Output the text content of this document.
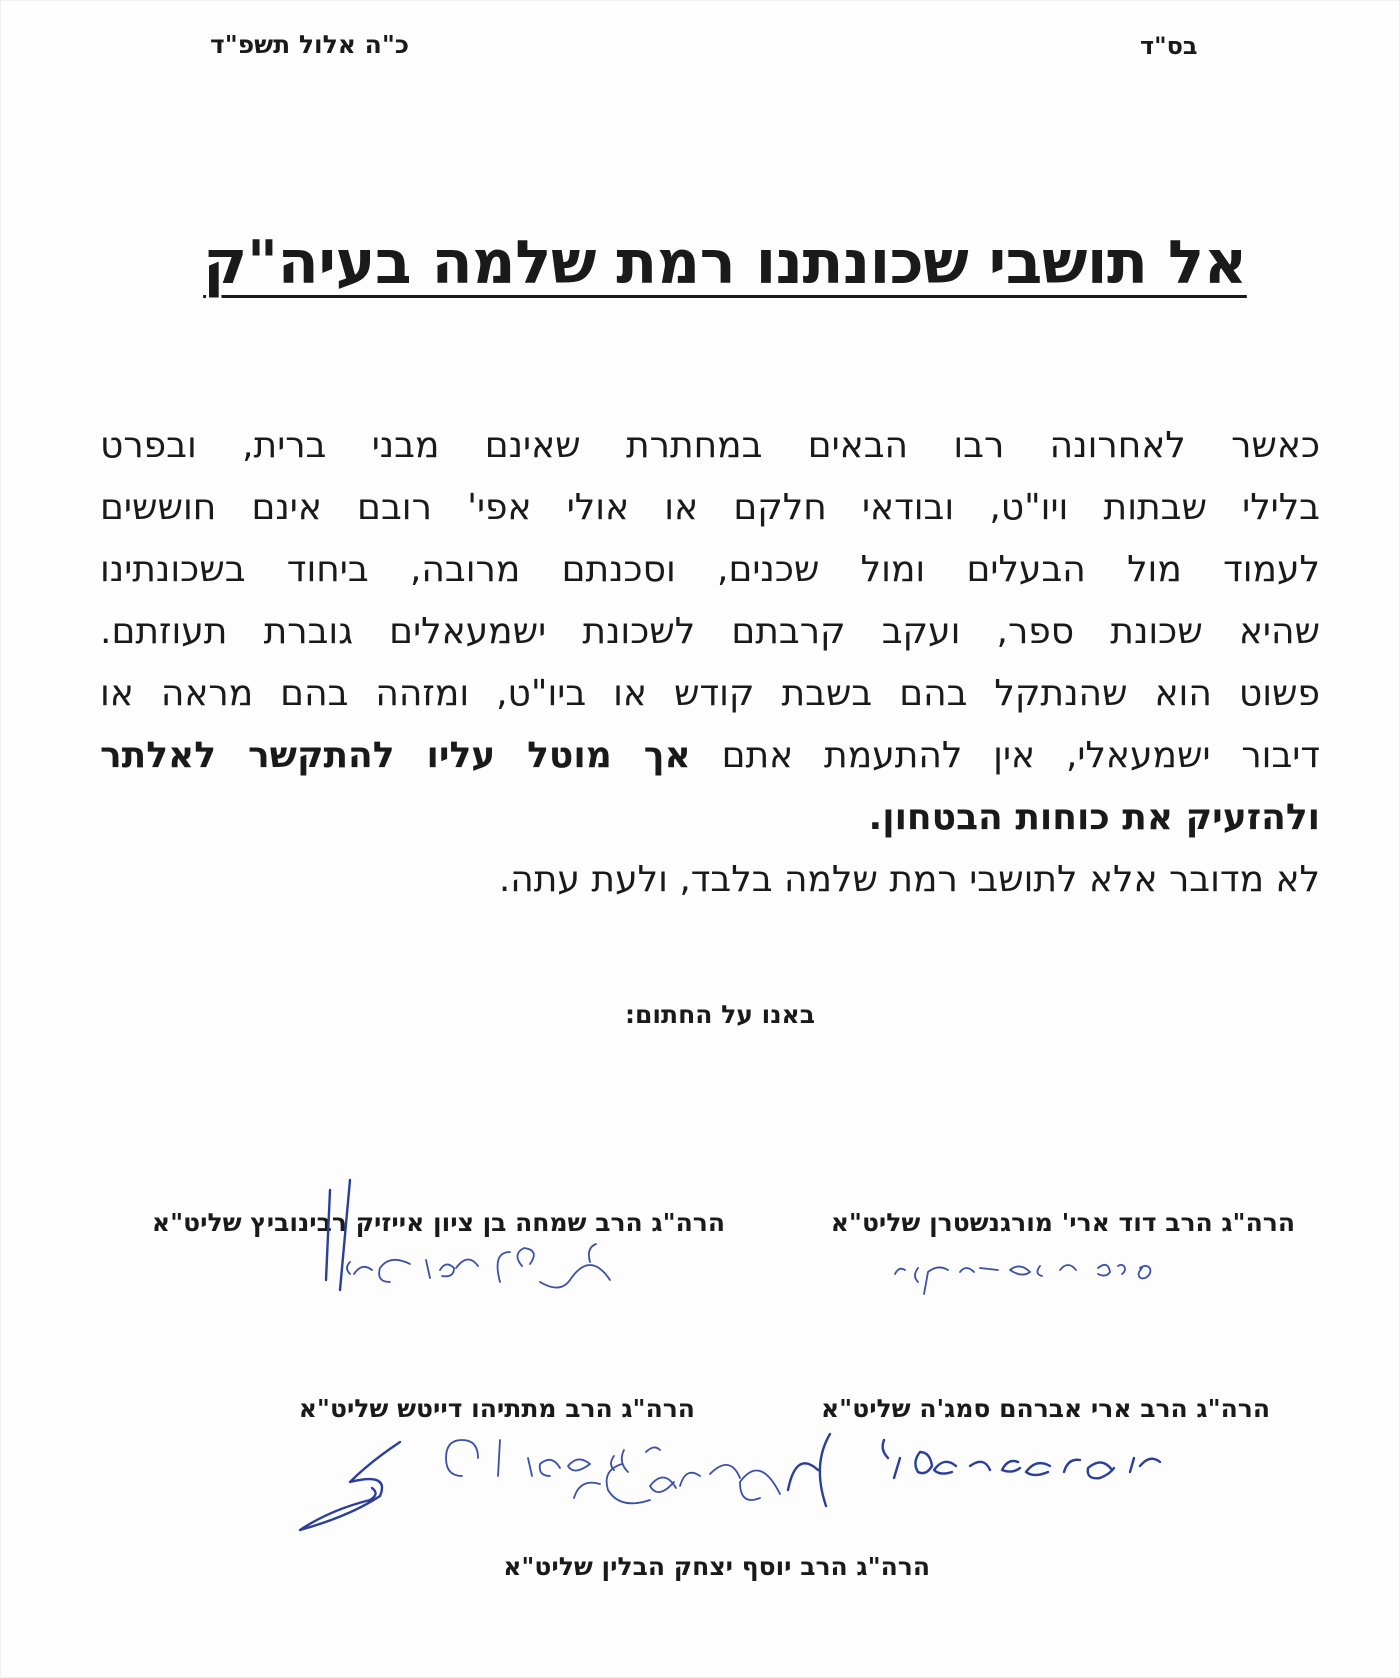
כ"ה אלול תשפ"ד	בס"ד
אל תושבי שכונתנו רמת שלמה בעיה"ק
כאשר לאחרונה רבו הבאים במחתרת שאינם מבני ברית, ובפרט
בלילי שבתות ויו"ט, ובודאי חלקם או אולי אפי' רובם אינם חוששים
לעמוד מול הבעלים ומול שכנים, וסכנתם מרובה, ביחוד בשכונתינו
שהיא שכונת ספר, ועקב קרבתם לשכונת ישמעאלים גוברת תעוזתם.
פשוט הוא שהנתקל בהם בשבת קודש או ביו"ט, ומזהה בהם מראה או
דיבור ישמעאלי, אין להתעמת אתם אך מוטל עליו להתקשר לאלתר
ולהזעיק את כוחות הבטחון.
לא מדובר אלא לתושבי רמת שלמה בלבד, ולעת עתה.
באנו על החתום:
הרה"ג הרב דוד ארי' מורגנשטרן שליט"א
הרה"ג הרב שמחה בן ציון אייזיק רבינוביץ שליט"א
הרה"ג הרב ארי אברהם סמג'ה שליט"א
הרה"ג הרב מתתיהו דייטש שליט"א
הרה"ג הרב יוסף יצחק הבלין שליט"א
